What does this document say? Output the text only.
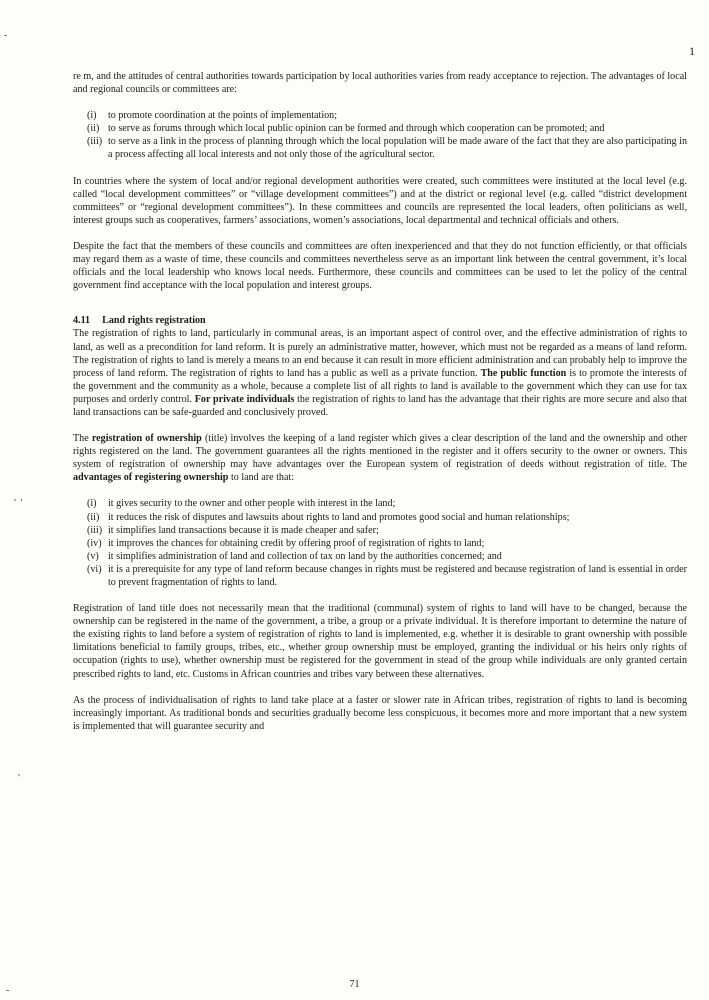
-
1
' '
'
-

re m, and the attitudes of central authorities towards participation by local authorities varies from ready acceptance to rejection. The advantages of local and regional councils or committees are:

(i) to promote coordination at the points of implementation;
(ii) to serve as forums through which local public opinion can be formed and through which cooperation can be promoted; and
(iii) to serve as a link in the process of planning through which the local population will be made aware of the fact that they are also participating in a process affecting all local interests and not only those of the agricultural sector.

In countries where the system of local and/or regional development authorities were created, such committees were instituted at the local level (e.g. called “local development committees” or “village development committees”) and at the district or regional level (e.g. called “district development committees” or “regional development committees”). In these committees and councils are represented the local leaders, often politicians as well, interest groups such as cooperatives, farmers’ associations, women’s associations, local departmental and technical officials and others.

Despite the fact that the members of these councils and committees are often inexperienced and that they do not function efficiently, or that officials may regard them as a waste of time, these councils and committees nevertheless serve as an important link between the central government, it’s local officials and the local leadership who knows local needs. Furthermore, these councils and committees can be used to let the policy of the central government find acceptance with the local population and interest groups.

4.11 Land rights registration

The registration of rights to land, particularly in communal areas, is an important aspect of control over, and the effective administration of rights to land, as well as a precondition for land reform. It is purely an administrative matter, however, which must not be regarded as a means of land reform. The registration of rights to land is merely a means to an end because it can result in more efficient administration and can probably help to improve the process of land reform. The registration of rights to land has a public as well as a private function. The public function is to promote the interests of the government and the community as a whole, because a complete list of all rights to land is available to the government which they can use for tax purposes and orderly control. For private individuals the registration of rights to land has the advantage that their rights are more secure and also that land transactions can be safe-guarded and conclusively proved.

The registration of ownership (title) involves the keeping of a land register which gives a clear description of the land and the ownership and other rights registered on the land. The government guarantees all the rights mentioned in the register and it offers security to the owner or owners. This system of registration of ownership may have advantages over the European system of registration of deeds without registration of title. The advantages of registering ownership to land are that:

(i) it gives security to the owner and other people with interest in the land;
(ii) it reduces the risk of disputes and lawsuits about rights to land and promotes good social and human relationships;
(iii) it simplifies land transactions because it is made cheaper and safer;
(iv) it improves the chances for obtaining credit by offering proof of registration of rights to land;
(v) it simplifies administration of land and collection of tax on land by the authorities concerned; and
(vi) it is a prerequisite for any type of land reform because changes in rights must be registered and because registration of land is essential in order to prevent fragmentation of rights to land.

Registration of land title does not necessarily mean that the traditional (communal) system of rights to land will have to be changed, because the ownership can be registered in the name of the government, a tribe, a group or a private individual. It is therefore important to determine the nature of the existing rights to land before a system of registration of rights to land is implemented, e.g. whether it is desirable to grant ownership with possible limitations beneficial to family groups, tribes, etc., whether group ownership must be employed, granting the individual or his heirs only rights of occupation (rights to use), whether ownership must be registered for the government in stead of the group while individuals are only granted certain prescribed rights to land, etc. Customs in African countries and tribes vary between these alternatives.

As the process of individualisation of rights to land take place at a faster or slower rate in African tribes, registration of rights to land is becoming increasingly important. As traditional bonds and securities gradually become less conspicuous, it becomes more and more important that a new system is implemented that will guarantee security and

71
